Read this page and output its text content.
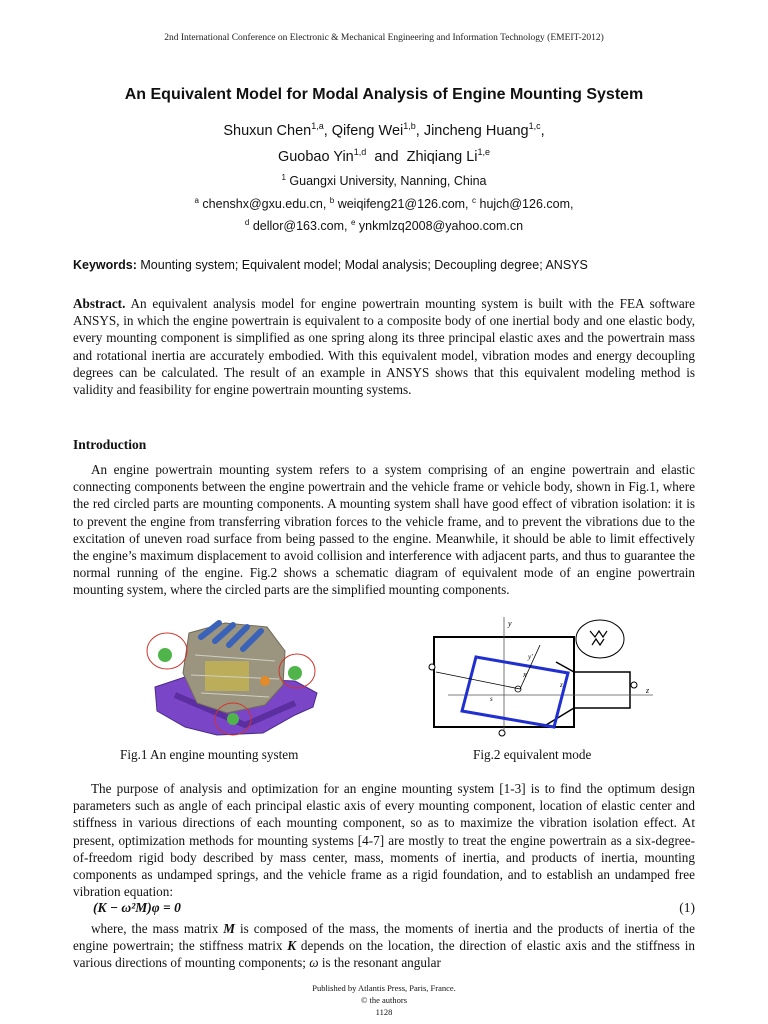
2nd International Conference on Electronic & Mechanical Engineering and Information Technology (EMEIT-2012)
An Equivalent Model for Modal Analysis of Engine Mounting System
Shuxun Chen$^{1,a}$, Qifeng Wei$^{1,b}$, Jincheng Huang$^{1,c}$,
Guobao Yin$^{1,d}$ and Zhiqiang Li$^{1,e}$
$^1$ Guangxi University, Nanning, China
$^a$ chenshx@gxu.edu.cn, $^b$ weiqifeng21@126.com, $^c$ hujch@126.com,
$^d$ dellor@163.com, $^e$ ynkmlzq2008@yahoo.com.cn
Keywords: Mounting system; Equivalent model; Modal analysis; Decoupling degree; ANSYS
Abstract. An equivalent analysis model for engine powertrain mounting system is built with the FEA software ANSYS, in which the engine powertrain is equivalent to a composite body of one inertial body and one elastic body, every mounting component is simplified as one spring along its three principal elastic axes and the powertrain mass and rotational inertia are accurately embodied. With this equivalent model, vibration modes and energy decoupling degrees can be calculated. The result of an example in ANSYS shows that this equivalent modeling method is validity and feasibility for engine powertrain mounting systems.
Introduction
An engine powertrain mounting system refers to a system comprising of an engine powertrain and elastic connecting components between the engine powertrain and the vehicle frame or vehicle body, shown in Fig.1, where the red circled parts are mounting components. A mounting system shall have good effect of vibration isolation: it is to prevent the engine from transferring vibration forces to the vehicle frame, and to prevent the vibrations due to the excitation of uneven road surface from being passed to the engine. Meanwhile, it should be able to limit effectively the engine’s maximum displacement to avoid collision and interference with adjacent parts, and thus to guarantee the normal running of the engine. Fig.2 shows a schematic diagram of equivalent mode of an engine powertrain mounting system, where the circled parts are the simplified mounting components.
y
z
x
s
y′
z
Fig.1 An engine mounting system	Fig.2 equivalent mode
The purpose of analysis and optimization for an engine mounting system [1-3] is to find the optimum design parameters such as angle of each principal elastic axis of every mounting component, location of elastic center and stiffness in various directions of each mounting component, so as to maximize the vibration isolation effect. At present, optimization methods for mounting systems [4-7] are mostly to treat the engine powertrain as a six-degree-of-freedom rigid body described by mass center, mass, moments of inertia, and products of inertia, mounting components as undamped springs, and the vehicle frame as a rigid foundation, and to establish an undamped free vibration equation:
(K − ω²M)φ = 0	(1)
where, the mass matrix M is composed of the mass, the moments of inertia and the products of inertia of the engine powertrain; the stiffness matrix K depends on the location, the direction of elastic axis and the stiffness in various directions of mounting components; ω is the resonant angular
Published by Atlantis Press, Paris, France.
© the authors
1128
